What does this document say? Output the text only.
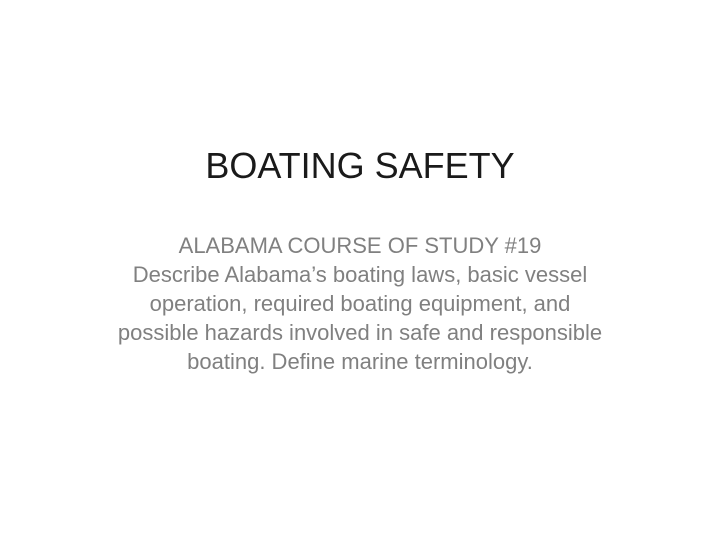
BOATING SAFETY
ALABAMA COURSE OF STUDY #19
Describe Alabama’s boating laws, basic vessel
operation, required boating equipment, and
possible hazards involved in safe and responsible
boating. Define marine terminology.
